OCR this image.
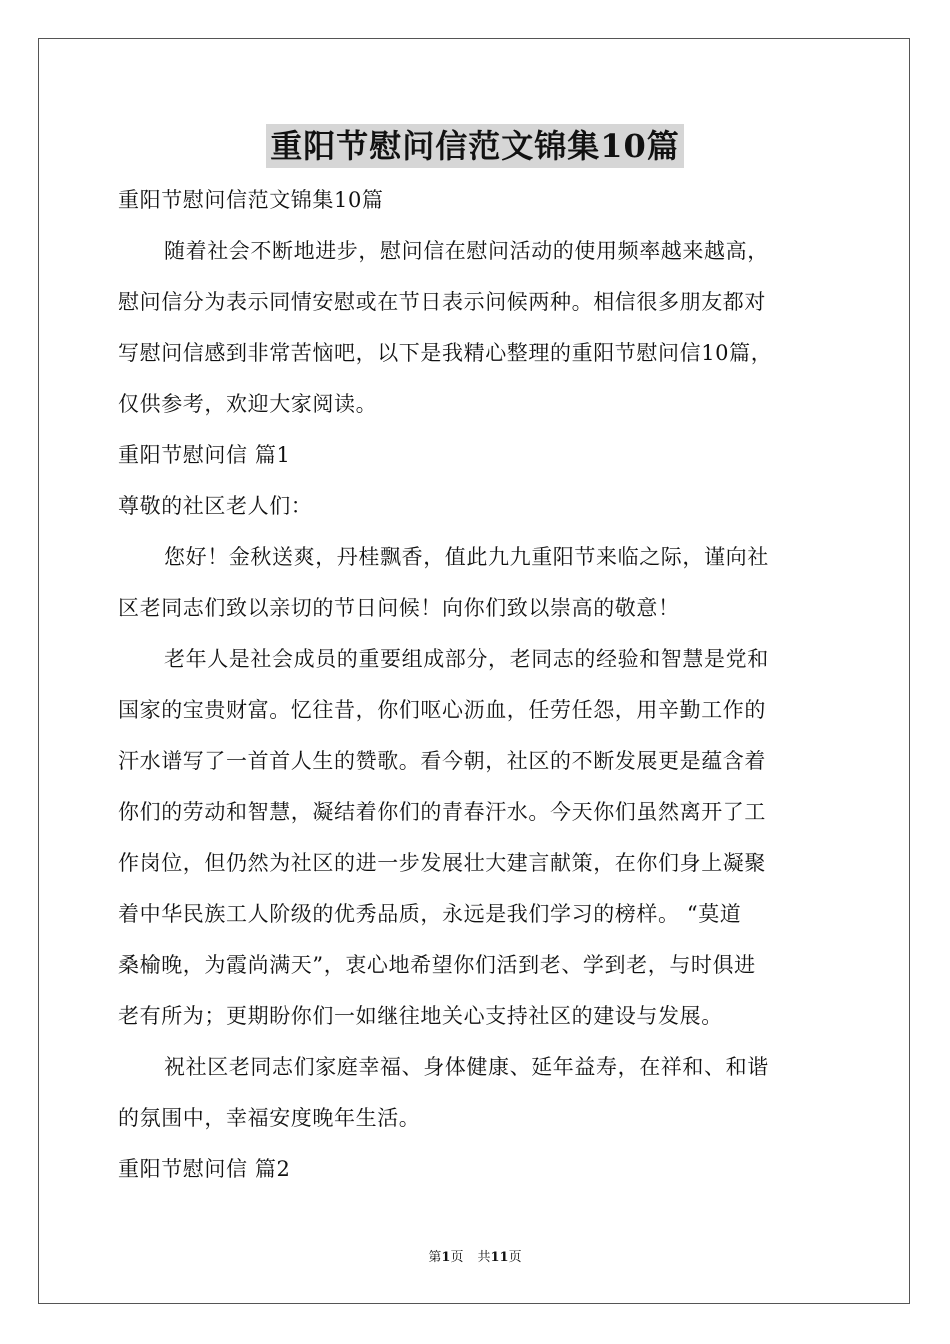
重阳节慰问信范文锦集10篇
重阳节慰问信范文锦集10篇
随着社会不断地进步，慰问信在慰问活动的使用频率越来越高，
慰问信分为表示同情安慰或在节日表示问候两种。相信很多朋友都对
写慰问信感到非常苦恼吧，以下是我精心整理的重阳节慰问信10篇，
仅供参考，欢迎大家阅读。
重阳节慰问信 篇1
尊敬的社区老人们：
您好！金秋送爽，丹桂飘香，值此九九重阳节来临之际，谨向社
区老同志们致以亲切的节日问候！向你们致以崇高的敬意！
老年人是社会成员的重要组成部分，老同志的经验和智慧是党和
国家的宝贵财富。忆往昔，你们呕心沥血，任劳任怨，用辛勤工作的
汗水谱写了一首首人生的赞歌。看今朝，社区的不断发展更是蕴含着
你们的劳动和智慧，凝结着你们的青春汗水。今天你们虽然离开了工
作岗位，但仍然为社区的进一步发展壮大建言献策，在你们身上凝聚
着中华民族工人阶级的优秀品质，永远是我们学习的榜样。 “莫道
桑榆晚，为霞尚满天”，衷心地希望你们活到老、学到老，与时俱进
老有所为；更期盼你们一如继往地关心支持社区的建设与发展。
祝社区老同志们家庭幸福、身体健康、延年益寿，在祥和、和谐
的氛围中，幸福安度晚年生活。
重阳节慰问信 篇2
第1页 共11页
